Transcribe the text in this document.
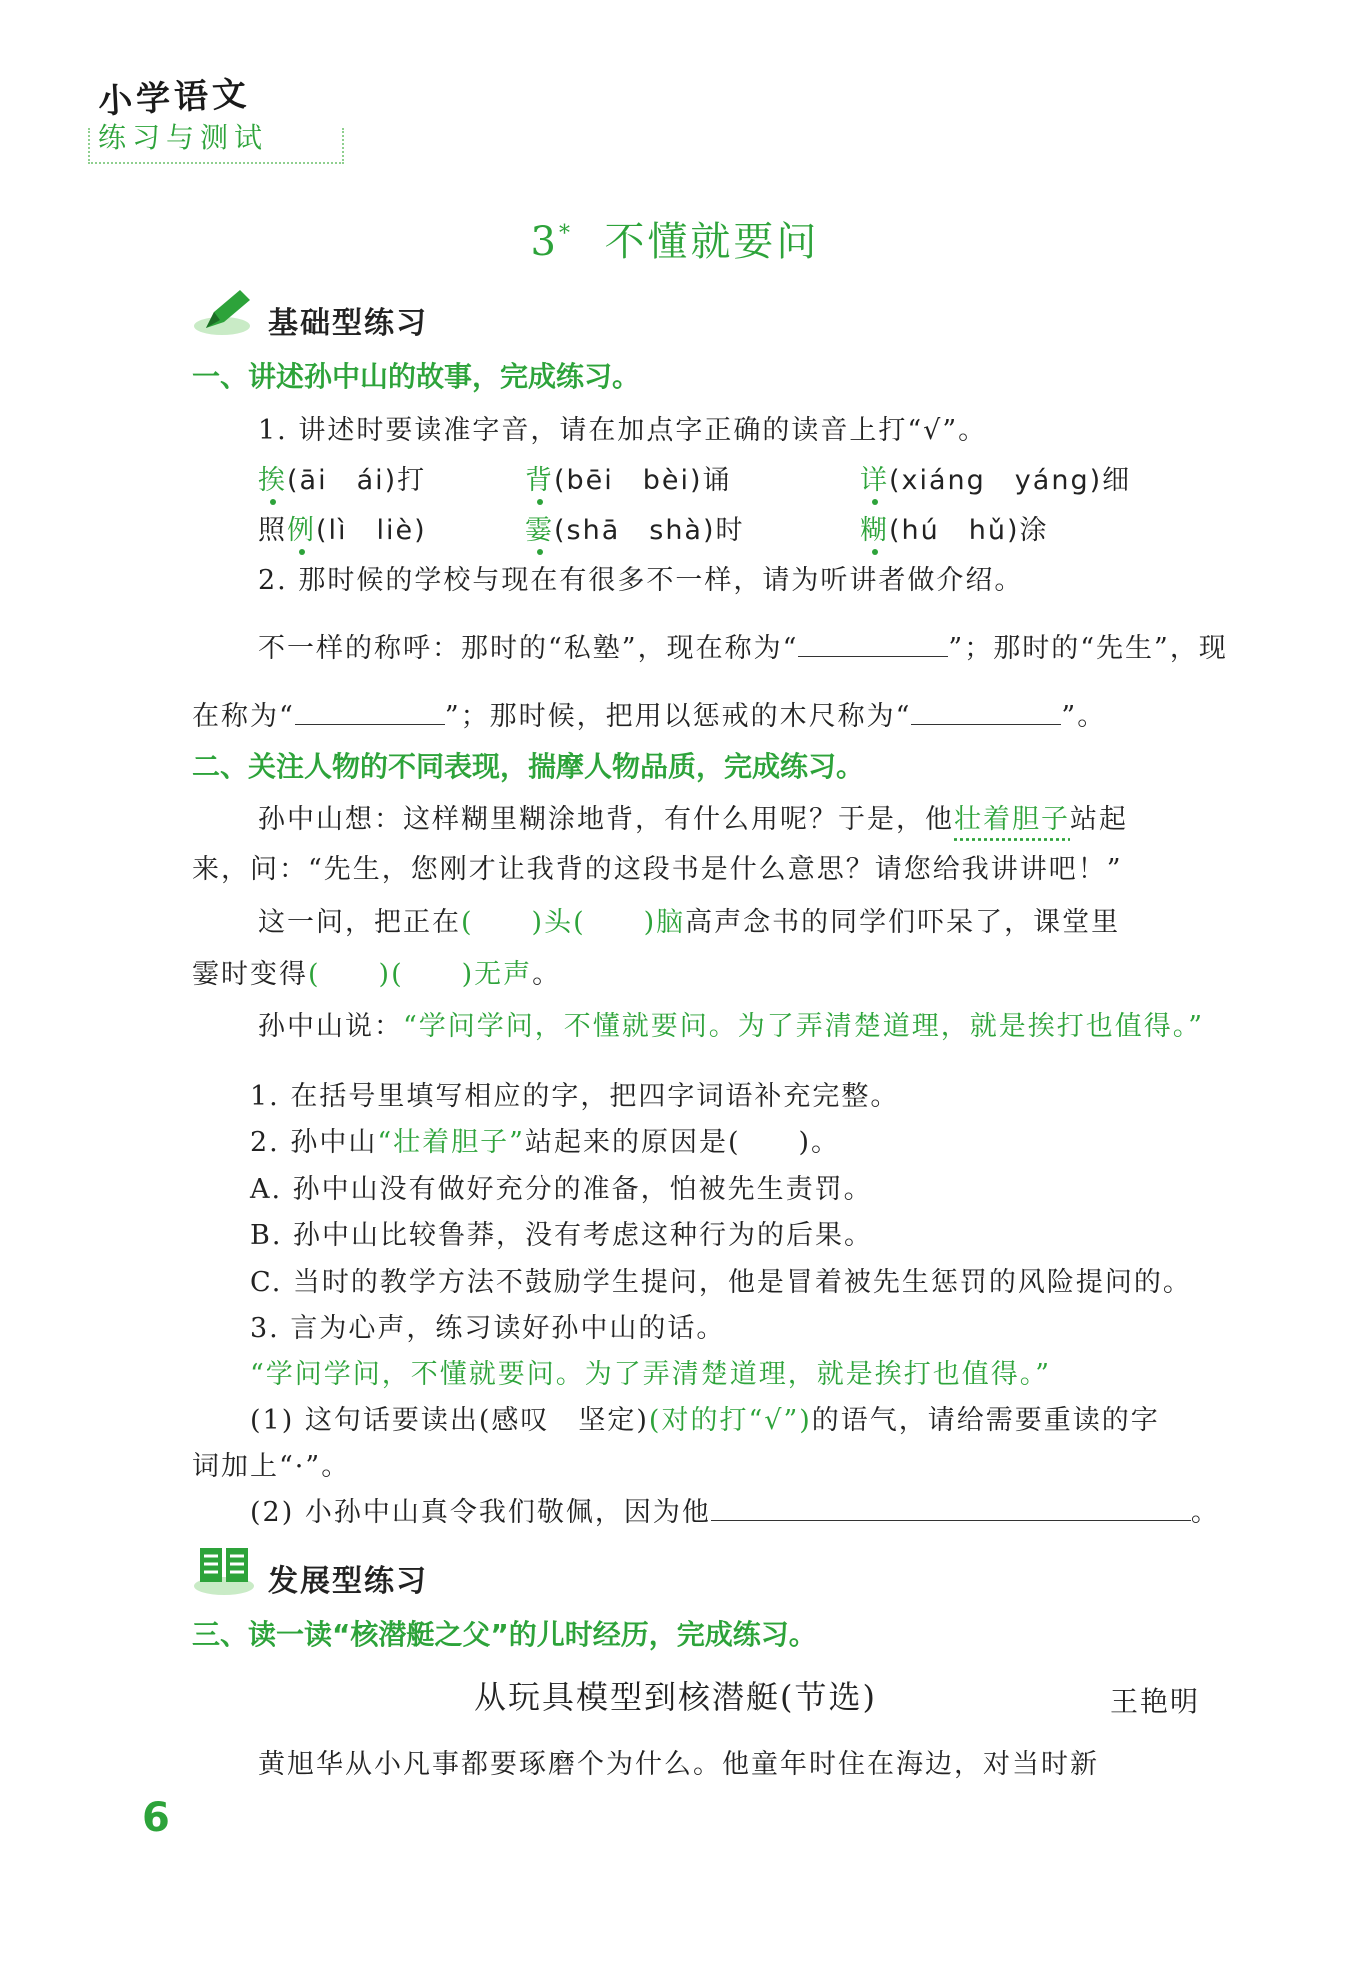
小学语文
练习与测试
3* 不懂就要问
基础型练习
一、讲述孙中山的故事，完成练习。
1. 讲述时要读准字音，请在加点字正确的读音上打“√”。
挨(āi　ái)打	背(bēi　bèi)诵	详(xiáng　yáng)细
照例(lì　liè)	霎(shā　shà)时	糊(hú　hǔ)涂
2. 那时候的学校与现在有很多不一样，请为听讲者做介绍。
不一样的称呼：那时的“私塾”，现在称为“	”；那时的“先生”，现
在称为“	”；那时候，把用以惩戒的木尺称为“	”。
二、关注人物的不同表现，揣摩人物品质，完成练习。
孙中山想：这样糊里糊涂地背，有什么用呢？于是，他壮着胆子站起
来，问：“先生，您刚才让我背的这段书是什么意思？请您给我讲讲吧！”
这一问，把正在(　　)头(　　)脑高声念书的同学们吓呆了，课堂里
霎时变得(　　)(　　)无声。
孙中山说：“学问学问，不懂就要问。为了弄清楚道理，就是挨打也值得。”
1. 在括号里填写相应的字，把四字词语补充完整。
2. 孙中山“壮着胆子”站起来的原因是(　　)。
A. 孙中山没有做好充分的准备，怕被先生责罚。
B. 孙中山比较鲁莽，没有考虑这种行为的后果。
C. 当时的教学方法不鼓励学生提问，他是冒着被先生惩罚的风险提问的。
3. 言为心声，练习读好孙中山的话。
“学问学问，不懂就要问。为了弄清楚道理，就是挨打也值得。”
(1) 这句话要读出(感叹　坚定)(对的打“√”)的语气，请给需要重读的字
词加上“·”。
(2) 小孙中山真令我们敬佩，因为他	。
发展型练习
三、读一读“核潜艇之父”的儿时经历，完成练习。
从玩具模型到核潜艇(节选)	王艳明
黄旭华从小凡事都要琢磨个为什么。他童年时住在海边，对当时新
6
